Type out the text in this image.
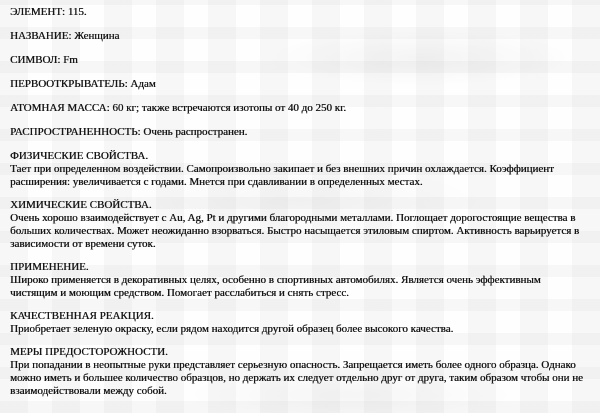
ЭЛЕМЕНТ: 115.
НАЗВАНИЕ: Женщина
СИМВОЛ: Fm
ПЕРВООТКРЫВАТЕЛЬ: Адам
АТОМНАЯ МАССА: 60 кг; также встречаются изотопы от 40 до 250 кг.
РАСПРОСТРАНЕННОСТЬ: Очень распространен.
ФИЗИЧЕСКИЕ СВОЙСТВА.
Тает при определенном воздействии. Самопроизвольно закипает и без внешних причин охлаждается. Коэффициент расширения: увеличивается с годами. Мнется при сдавливании в определенных местах.
ХИМИЧЕСКИЕ СВОЙСТВА.
Очень хорошо взаимодействует с Au, Ag, Pt и другими благородными металлами. Поглощает дорогостоящие вещества в больших количествах. Может неожиданно взорваться. Быстро насыщается этиловым спиртом. Активность варьируется в зависимости от времени суток.
ПРИМЕНЕНИЕ.
Широко применяется в декоративных целях, особенно в спортивных автомобилях. Является очень эффективным чистящим и моющим средством. Помогает расслабиться и снять стресс.
КАЧЕСТВЕННАЯ РЕАКЦИЯ.
Приобретает зеленую окраску, если рядом находится другой образец более высокого качества.
МЕРЫ ПРЕДОСТОРОЖНОСТИ.
При попадании в неопытные руки представляет серьезную опасность. Запрещается иметь более одного образца. Однако можно иметь и большее количество образцов, но держать их следует отдельно друг от друга, таким образом чтобы они не взаимодействовали между собой.
